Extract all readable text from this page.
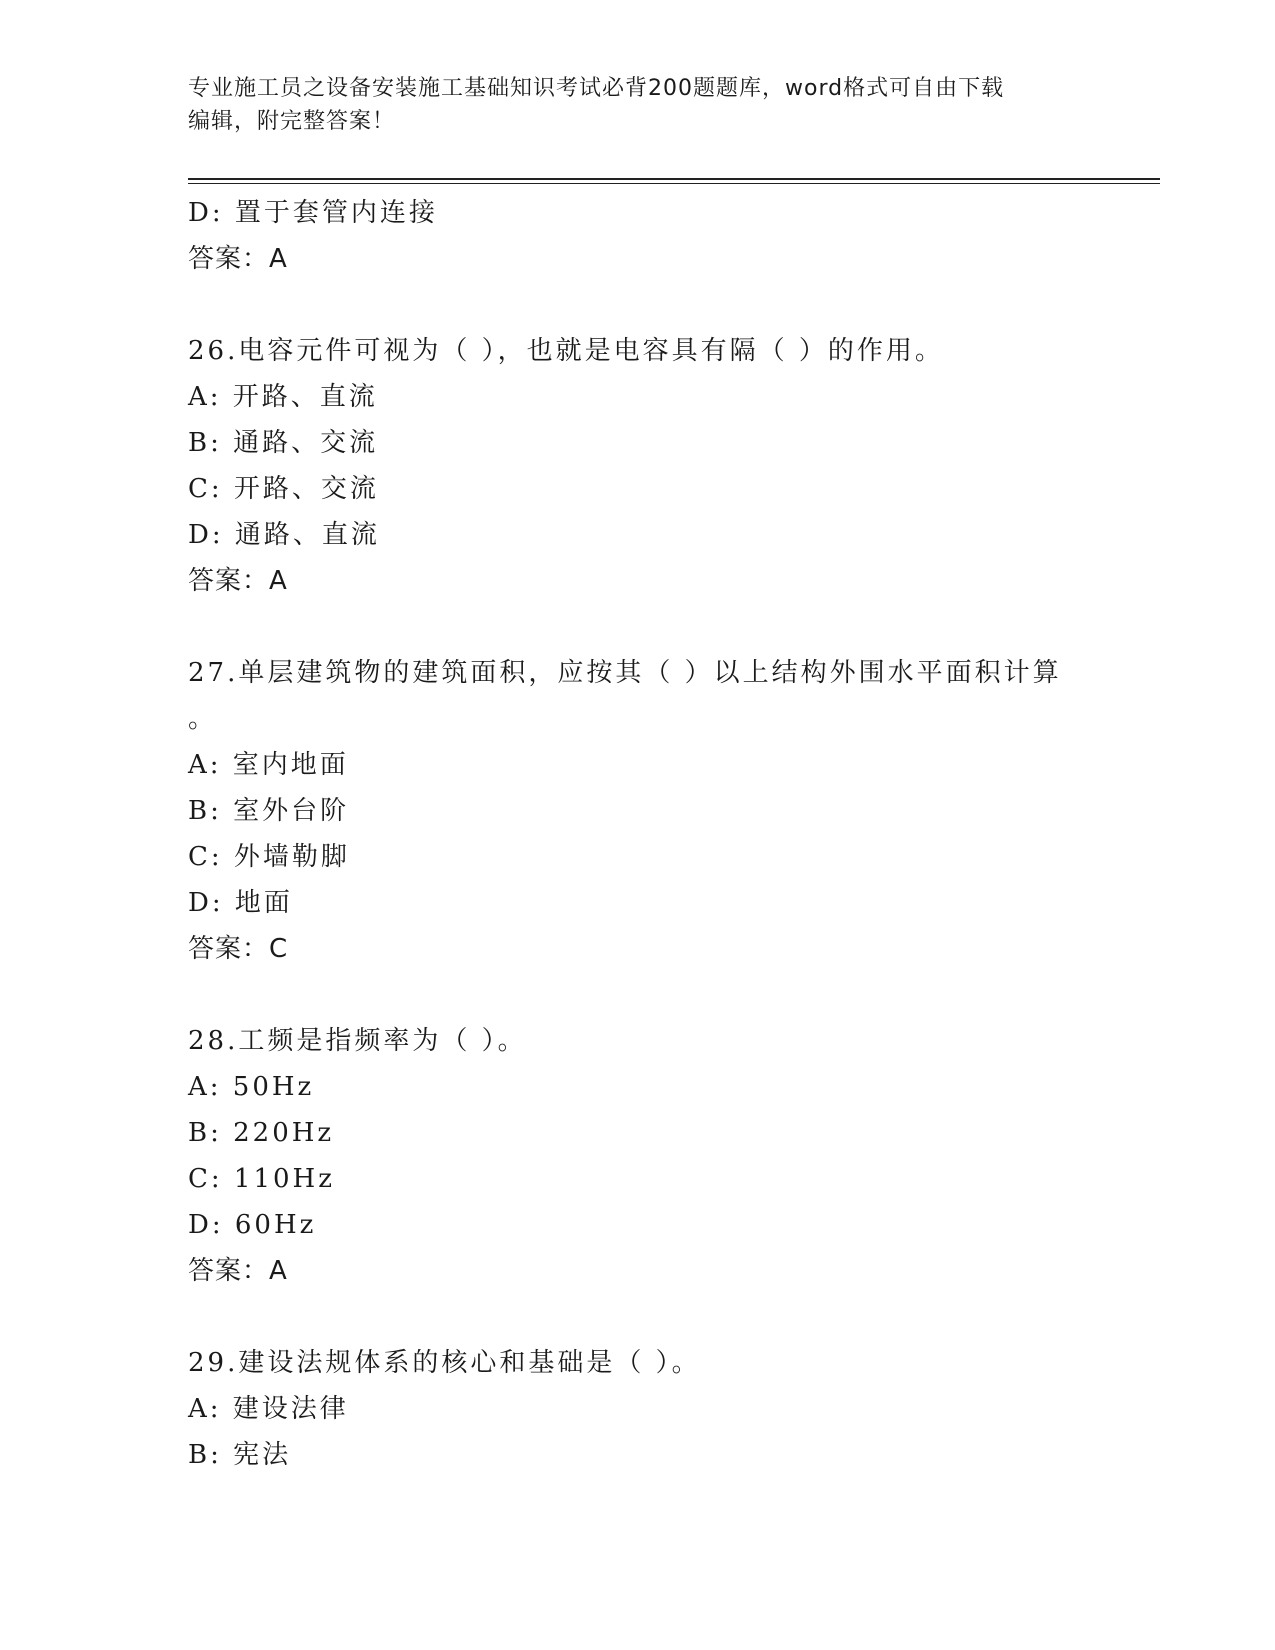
专业施工员之设备安装施工基础知识考试必背200题题库，word格式可自由下载
编辑，附完整答案！
D: 置于套管内连接
答案：A
26.电容元件可视为（ ），也就是电容具有隔（ ）的作用。
A: 开路、直流
B: 通路、交流
C: 开路、交流
D: 通路、直流
答案：A
27.单层建筑物的建筑面积，应按其（ ）以上结构外围水平面积计算
。
A: 室内地面
B: 室外台阶
C: 外墙勒脚
D: 地面
答案：C
28.工频是指频率为（ ）。
A: 50Hz
B: 220Hz
C: 110Hz
D: 60Hz
答案：A
29.建设法规体系的核心和基础是（ ）。
A: 建设法律
B: 宪法
